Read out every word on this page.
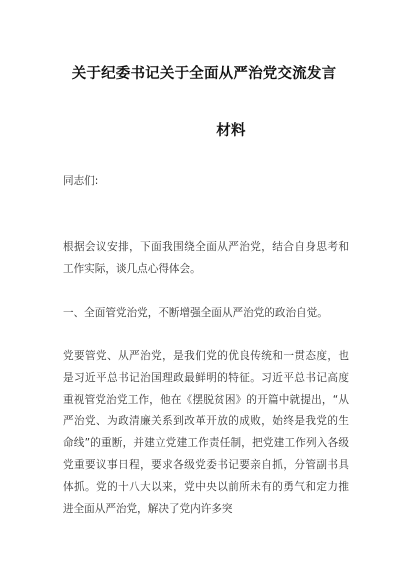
关于纪委书记关于全面从严治党交流发言
材料

同志们:

根据会议安排，下面我围绕全面从严治党，结合自身思考和工作实际，谈几点心得体会。

一、全面管党治党，不断增强全面从严治党的政治自觉。

党要管党、从严治党，是我们党的优良传统和一贯态度，也是习近平总书记治国理政最鲜明的特征。习近平总书记高度重视管党治党工作，他在《摆脱贫困》的开篇中就提出，“从严治党、为政清廉关系到改革开放的成败，始终是我党的生命线”的重断，并建立党建工作责任制，把党建工作列入各级党重要议事日程，要求各级党委书记要亲自抓，分管副书具体抓。党的十八大以来，党中央以前所未有的勇气和定力推进全面从严治党，解决了党内许多突
